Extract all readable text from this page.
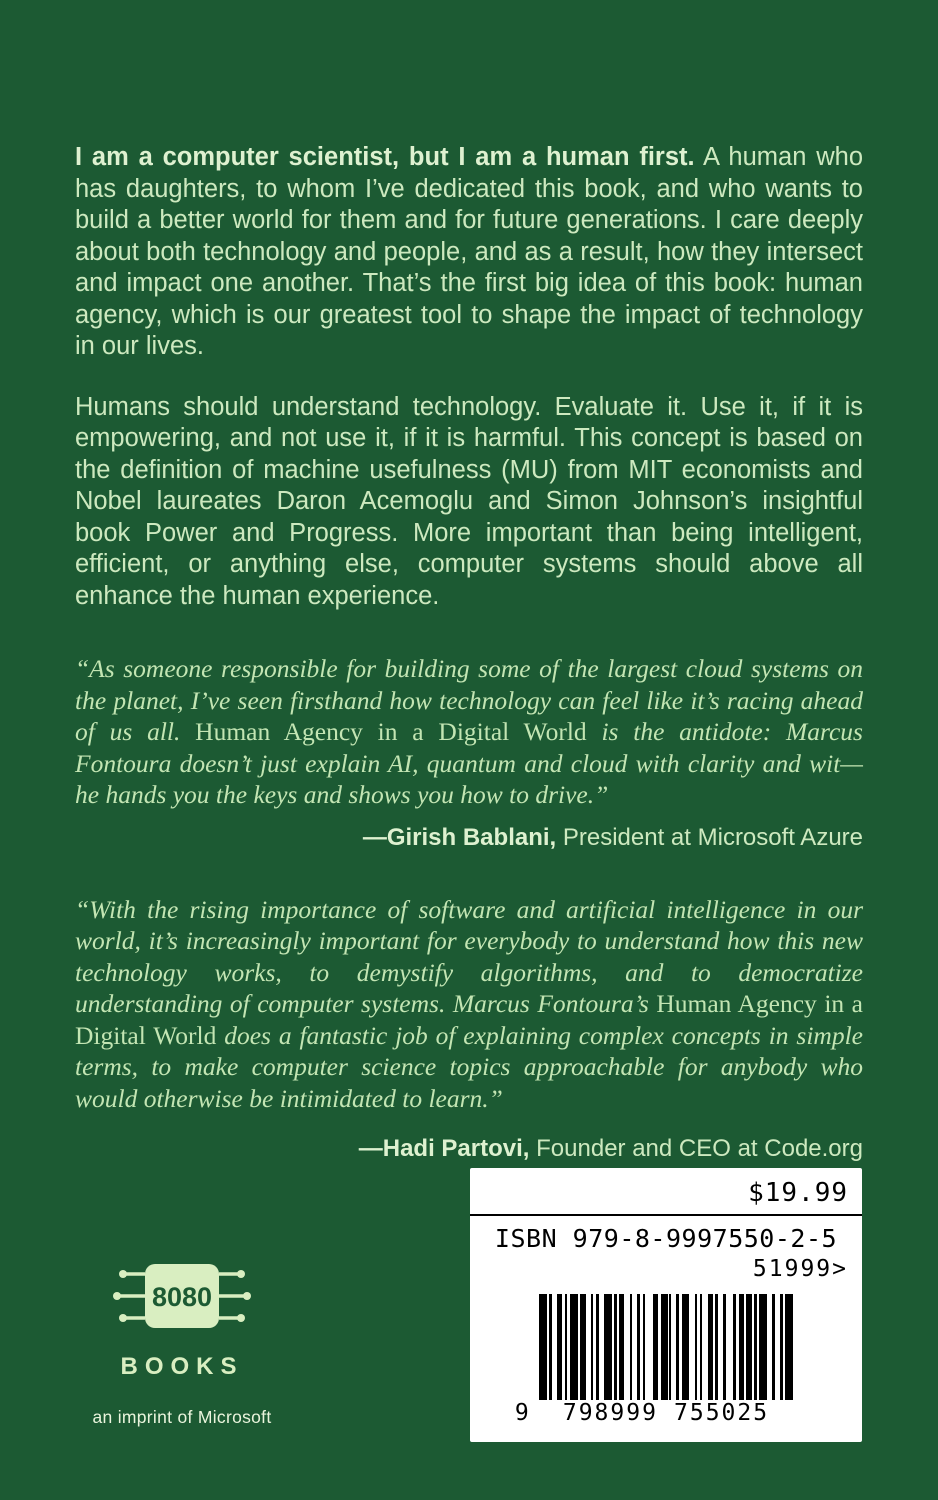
I am a computer scientist, but I am a human first. A human who has daughters, to whom I’ve dedicated this book, and who wants to build a better world for them and for future generations. I care deeply about both technology and people, and as a result, how they intersect and impact one another. That’s the first big idea of this book: human agency, which is our greatest tool to shape the impact of technology in our lives.

Humans should understand technology. Evaluate it. Use it, if it is empowering, and not use it, if it is harmful. This concept is based on the definition of machine usefulness (MU) from MIT economists and Nobel laureates Daron Acemoglu and Simon Johnson’s insightful book Power and Progress. More important than being intelligent, efficient, or anything else, computer systems should above all enhance the human experience.

“As someone responsible for building some of the largest cloud systems on the planet, I’ve seen firsthand how technology can feel like it’s racing ahead of us all. Human Agency in a Digital World is the antidote: Marcus Fontoura doesn’t just explain AI, quantum and cloud with clarity and wit—he hands you the keys and shows you how to drive.”

—Girish Bablani, President at Microsoft Azure

“With the rising importance of software and artificial intelligence in our world, it’s increasingly important for everybody to understand how this new technology works, to demystify algorithms, and to democratize understanding of computer systems. Marcus Fontoura’s Human Agency in a Digital World does a fantastic job of explaining complex concepts in simple terms, to make computer science topics approachable for anybody who would otherwise be intimidated to learn.”

—Hadi Partovi, Founder and CEO at Code.org

$19.99
ISBN 979-8-9997550-2-5
51999>
9 798999 755025
8080
BOOKS
an imprint of Microsoft
